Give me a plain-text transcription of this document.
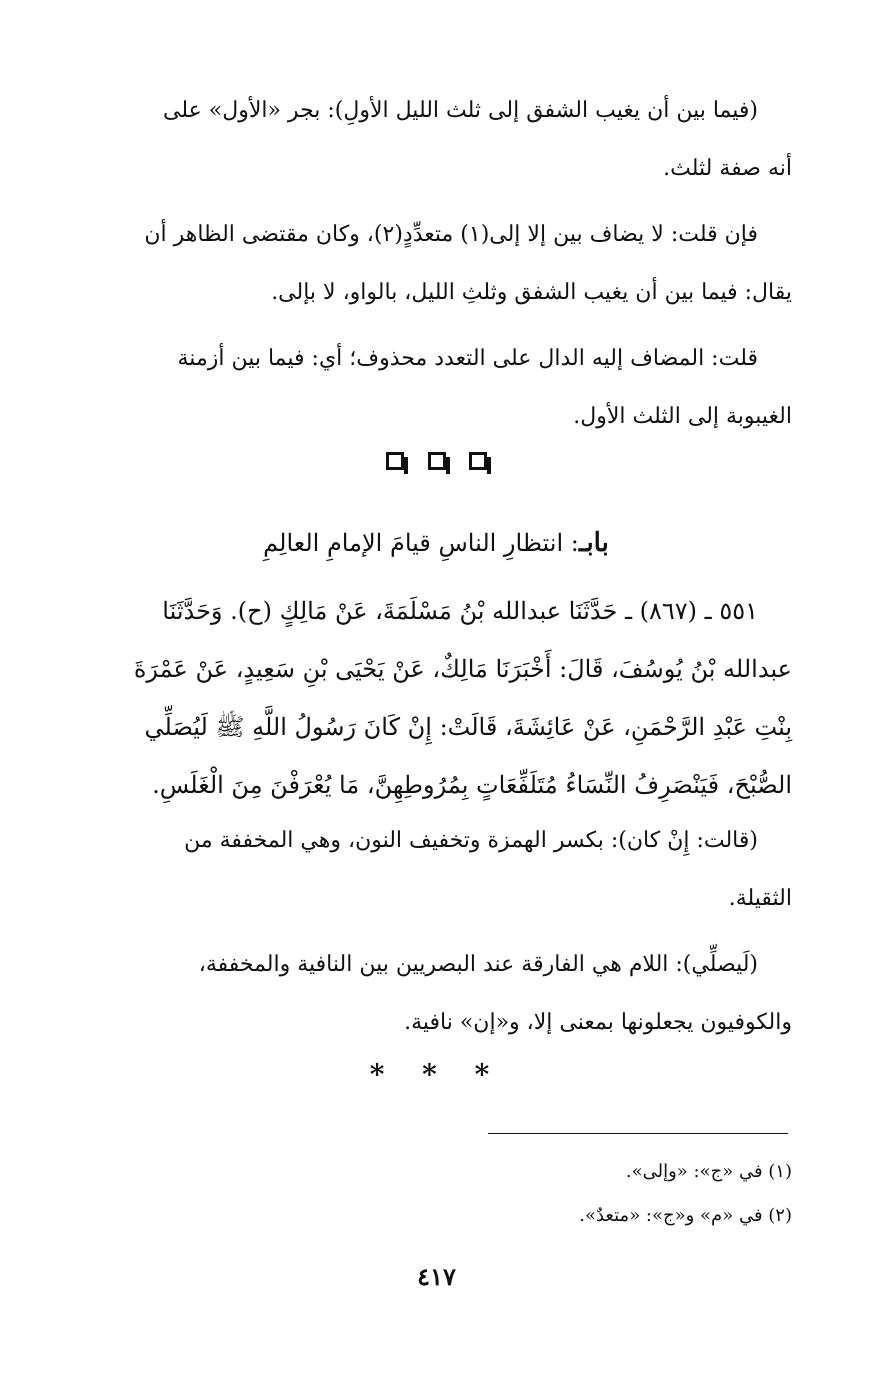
(فيما بين أن يغيب الشفق إلى ثلث الليل الأولِ): بجر «الأول» على
أنه صفة لثلث.
فإن قلت: لا يضاف بين إلا إلى(١) متعدِّدٍ(٢)، وكان مقتضى الظاهر أن
يقال: فيما بين أن يغيب الشفق وثلثِ الليل، بالواو، لا بإلى.
قلت: المضاف إليه الدال على التعدد محذوف؛ أي: فيما بين أزمنة
الغيبوبة إلى الثلث الأول.

بابـ: انتظارِ الناسِ قيامَ الإمامِ العالِمِ
٥٥١ ـ (٨٦٧) ـ حَدَّثَنَا عبدالله بْنُ مَسْلَمَةَ، عَنْ مَالِكٍ (ح). وَحَدَّثَنَا
عبدالله بْنُ يُوسُفَ، قَالَ: أَخْبَرَنَا مَالِكٌ، عَنْ يَحْيَى بْنِ سَعِيدٍ، عَنْ عَمْرَةَ
بِنْتِ عَبْدِ الرَّحْمَنِ، عَنْ عَائِشَةَ، قَالَتْ: إِنْ كَانَ رَسُولُ اللَّهِ ﷺ لَيُصَلِّي
الصُّبْحَ، فَيَنْصَرِفُ النِّسَاءُ مُتَلَفِّعَاتٍ بِمُرُوطِهِنَّ، مَا يُعْرَفْنَ مِنَ الْغَلَسِ.
(قالت: إِنْ كان): بكسر الهمزة وتخفيف النون، وهي المخففة من
الثقيلة.
(لَيصلِّي): اللام هي الفارقة عند البصريين بين النافية والمخففة،
والكوفيون يجعلونها بمعنى إلا، و«إن» نافية.
* * *
(١) في «ج»: «وإلى».
(٢) في «م» و«ج»: «متعدٌ».
٤١٧
